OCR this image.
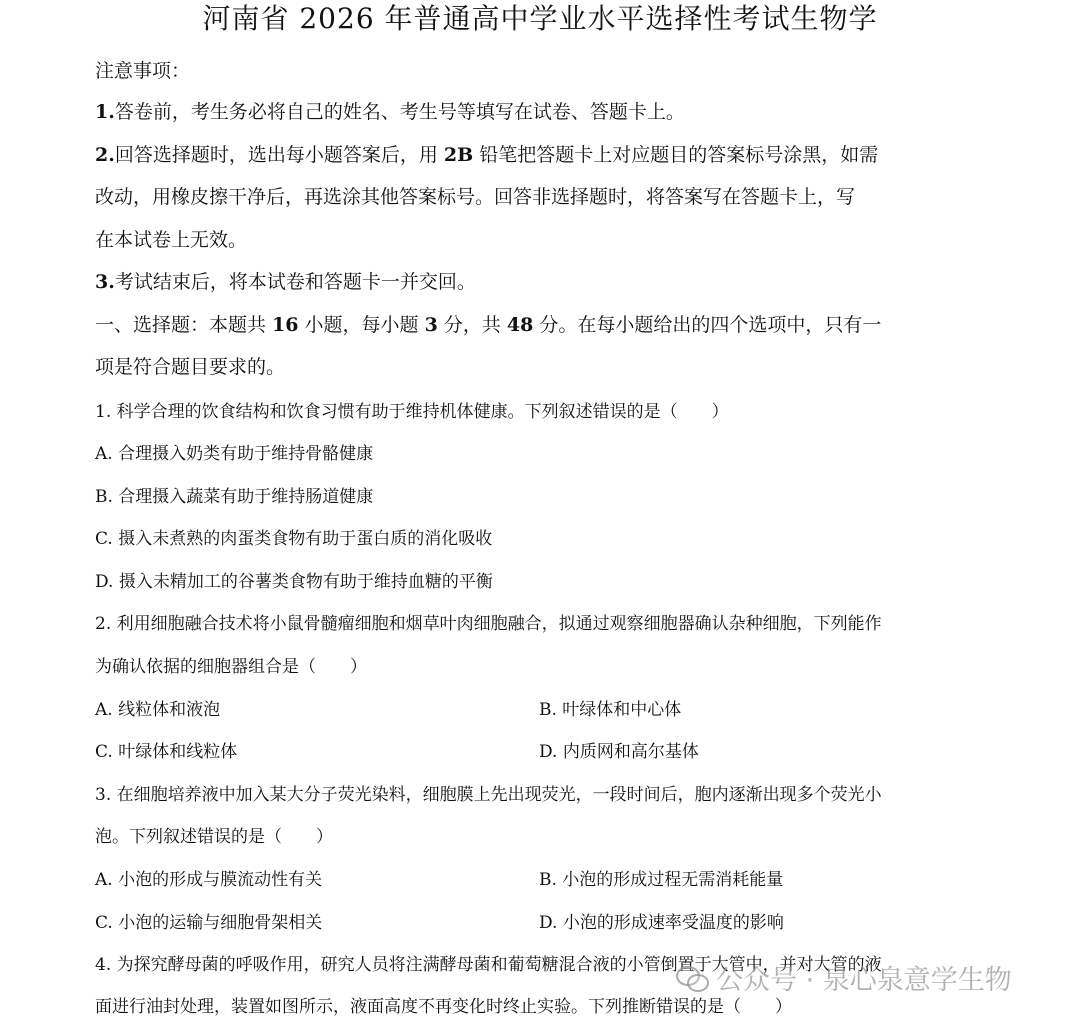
河南省 2026 年普通高中学业水平选择性考试生物学
注意事项：
1.答卷前，考生务必将自己的姓名、考生号等填写在试卷、答题卡上。
2.回答选择题时，选出每小题答案后，用 2B 铅笔把答题卡上对应题目的答案标号涂黑，如需
改动，用橡皮擦干净后，再选涂其他答案标号。回答非选择题时，将答案写在答题卡上，写
在本试卷上无效。
3.考试结束后，将本试卷和答题卡一并交回。
一、选择题：本题共 16 小题，每小题 3 分，共 48 分。在每小题给出的四个选项中，只有一
项是符合题目要求的。
1. 科学合理的饮食结构和饮食习惯有助于维持机体健康。下列叙述错误的是（　　）
A. 合理摄入奶类有助于维持骨骼健康
B. 合理摄入蔬菜有助于维持肠道健康
C. 摄入未煮熟的肉蛋类食物有助于蛋白质的消化吸收
D. 摄入未精加工的谷薯类食物有助于维持血糖的平衡
2. 利用细胞融合技术将小鼠骨髓瘤细胞和烟草叶肉细胞融合，拟通过观察细胞器确认杂种细胞，下列能作
为确认依据的细胞器组合是（　　）
A. 线粒体和液泡	B. 叶绿体和中心体
C. 叶绿体和线粒体	D. 内质网和高尔基体
3. 在细胞培养液中加入某大分子荧光染料，细胞膜上先出现荧光，一段时间后，胞内逐渐出现多个荧光小
泡。下列叙述错误的是（　　）
A. 小泡的形成与膜流动性有关	B. 小泡的形成过程无需消耗能量
C. 小泡的运输与细胞骨架相关	D. 小泡的形成速率受温度的影响
4. 为探究酵母菌的呼吸作用，研究人员将注满酵母菌和葡萄糖混合液的小管倒置于大管中，并对大管的液
面进行油封处理，装置如图所示，液面高度不再变化时终止实验。下列推断错误的是（　　）
公众号 · 泉心泉意学生物
